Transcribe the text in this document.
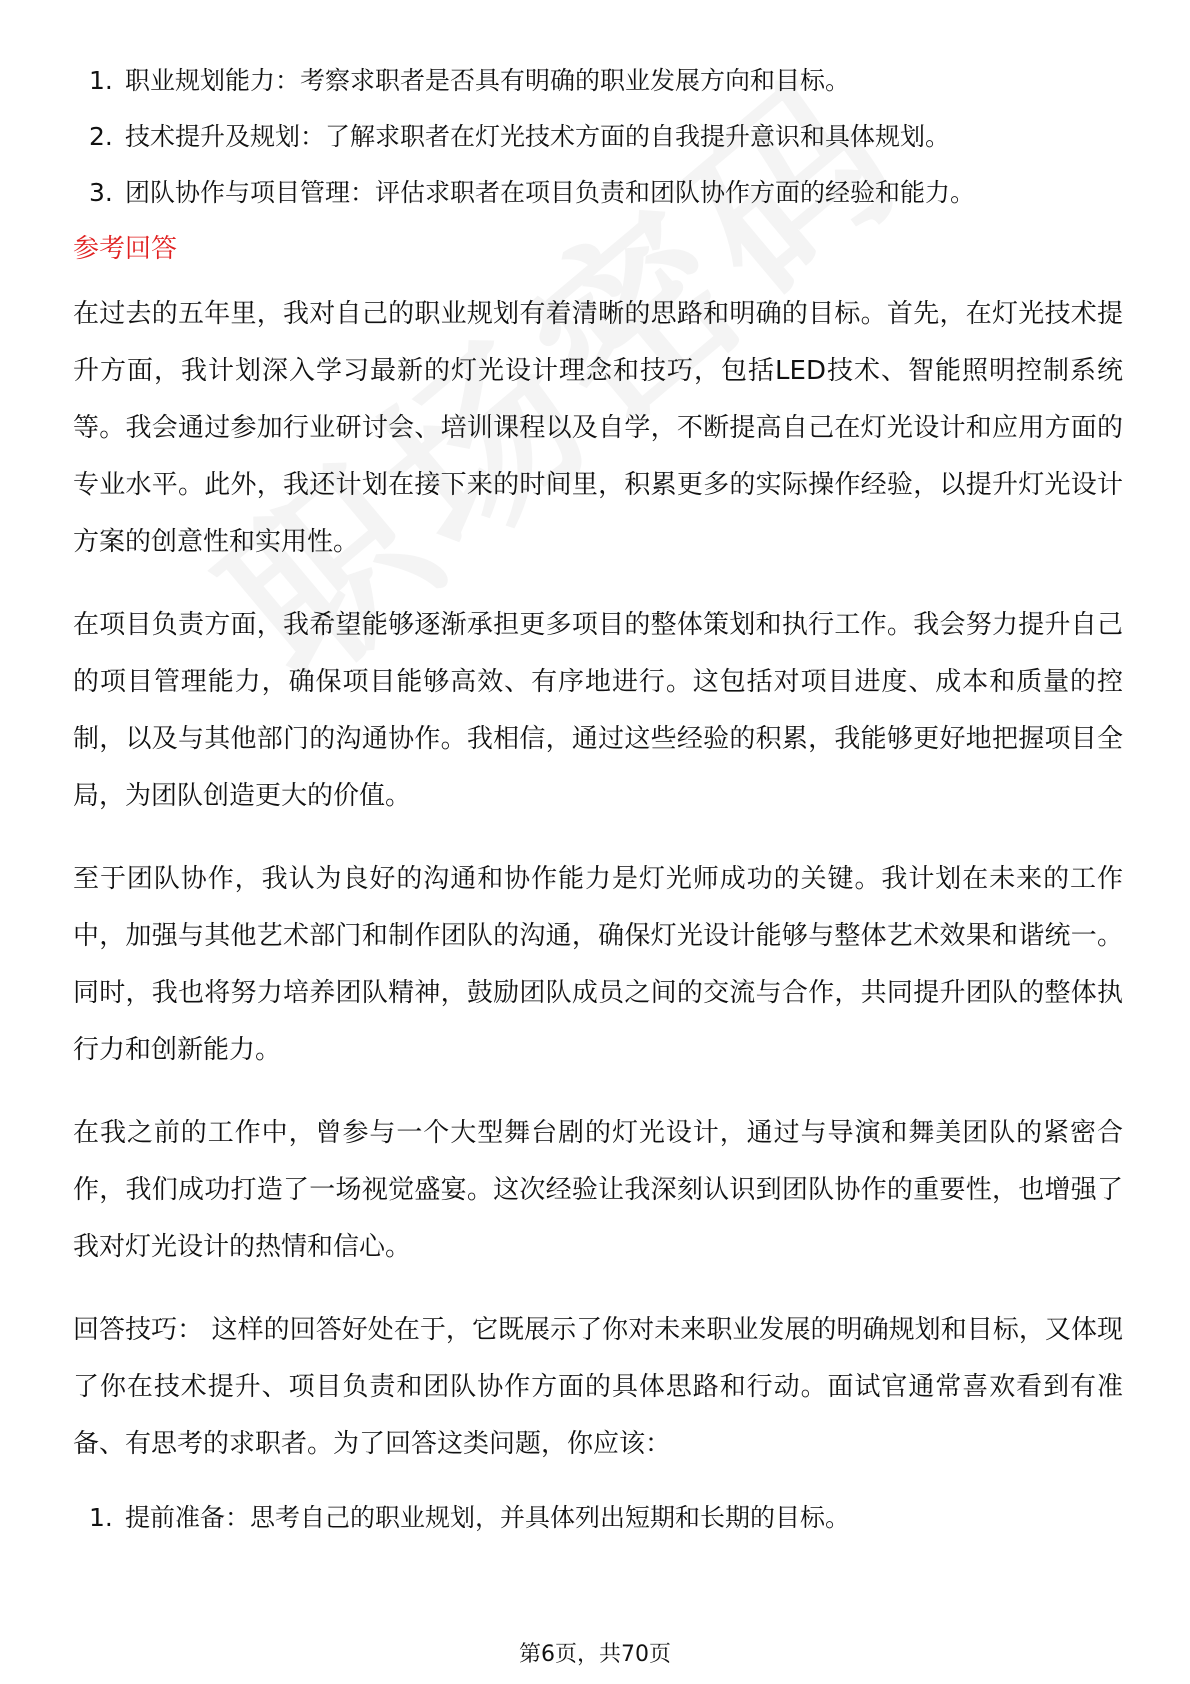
1. 职业规划能力：考察求职者是否具有明确的职业发展方向和目标。
2. 技术提升及规划：了解求职者在灯光技术方面的自我提升意识和具体规划。
3. 团队协作与项目管理：评估求职者在项目负责和团队协作方面的经验和能力。
参考回答

在过去的五年里，我对自己的职业规划有着清晰的思路和明确的目标。首先，在灯光技术提升方面，我计划深入学习最新的灯光设计理念和技巧，包括LED技术、智能照明控制系统等。我会通过参加行业研讨会、培训课程以及自学，不断提高自己在灯光设计和应用方面的专业水平。此外，我还计划在接下来的时间里，积累更多的实际操作经验，以提升灯光设计方案的创意性和实用性。

在项目负责方面，我希望能够逐渐承担更多项目的整体策划和执行工作。我会努力提升自己的项目管理能力，确保项目能够高效、有序地进行。这包括对项目进度、成本和质量的控制，以及与其他部门的沟通协作。我相信，通过这些经验的积累，我能够更好地把握项目全局，为团队创造更大的价值。

至于团队协作，我认为良好的沟通和协作能力是灯光师成功的关键。我计划在未来的工作中，加强与其他艺术部门和制作团队的沟通，确保灯光设计能够与整体艺术效果和谐统一。同时，我也将努力培养团队精神，鼓励团队成员之间的交流与合作，共同提升团队的整体执行力和创新能力。

在我之前的工作中，曾参与一个大型舞台剧的灯光设计，通过与导演和舞美团队的紧密合作，我们成功打造了一场视觉盛宴。这次经验让我深刻认识到团队协作的重要性，也增强了我对灯光设计的热情和信心。

回答技巧： 这样的回答好处在于，它既展示了你对未来职业发展的明确规划和目标，又体现了你在技术提升、项目负责和团队协作方面的具体思路和行动。面试官通常喜欢看到有准备、有思考的求职者。为了回答这类问题，你应该：

1. 提前准备：思考自己的职业规划，并具体列出短期和长期的目标。
第6页，共70页
